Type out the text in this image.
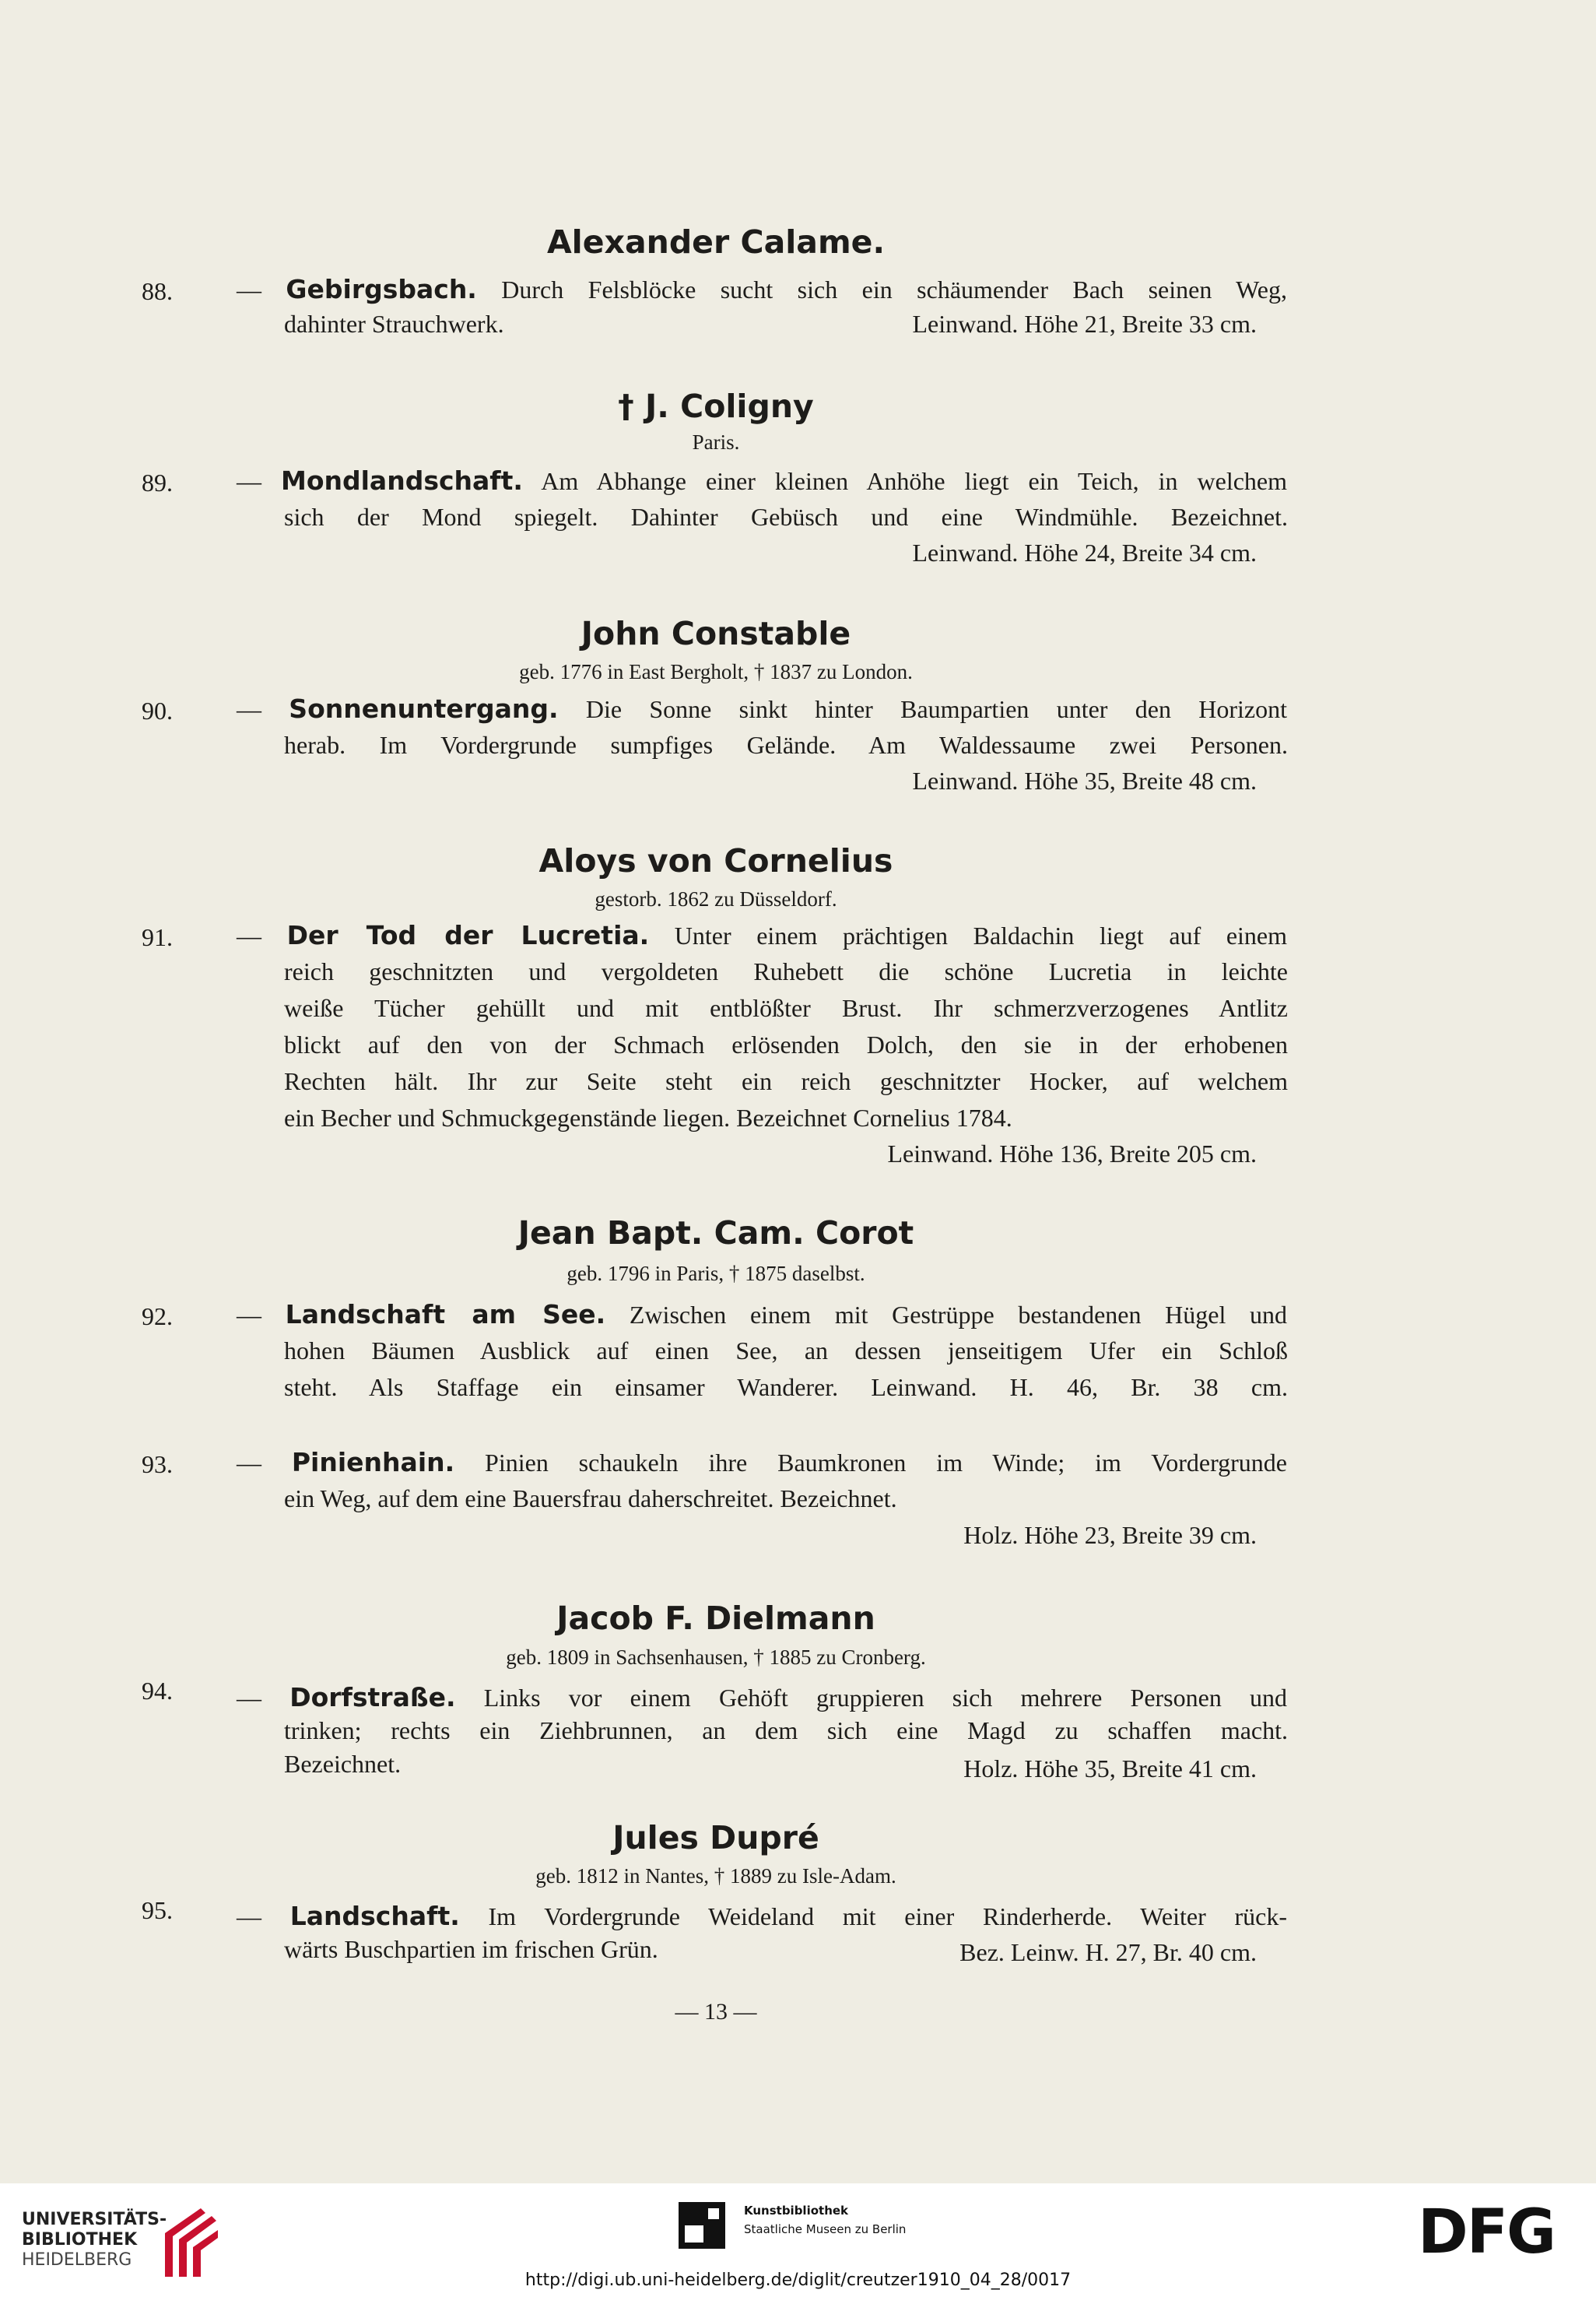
Alexander Calame.
88.	— Gebirgsbach. Durch Felsblöcke sucht sich ein schäumender Bach seinen Weg,
dahinter Strauchwerk.	Leinwand. Höhe 21, Breite 33 cm.
† J. Coligny
Paris.
89.	— Mondlandschaft. Am Abhange einer kleinen Anhöhe liegt ein Teich, in welchem
sich der Mond spiegelt. Dahinter Gebüsch und eine Windmühle. Bezeichnet.
Leinwand. Höhe 24, Breite 34 cm.
John Constable
geb. 1776 in East Bergholt, † 1837 zu London.
90.	— Sonnenuntergang. Die Sonne sinkt hinter Baumpartien unter den Horizont
herab. Im Vordergrunde sumpfiges Gelände. Am Waldessaume zwei Personen.
Leinwand. Höhe 35, Breite 48 cm.
Aloys von Cornelius
gestorb. 1862 zu Düsseldorf.
91.	— Der Tod der Lucretia. Unter einem prächtigen Baldachin liegt auf einem
reich geschnitzten und vergoldeten Ruhebett die schöne Lucretia in leichte
weiße Tücher gehüllt und mit entblößter Brust. Ihr schmerzverzogenes Antlitz
blickt auf den von der Schmach erlösenden Dolch, den sie in der erhobenen
Rechten hält. Ihr zur Seite steht ein reich geschnitzter Hocker, auf welchem
ein Becher und Schmuckgegenstände liegen. Bezeichnet Cornelius 1784.
Leinwand. Höhe 136, Breite 205 cm.
Jean Bapt. Cam. Corot
geb. 1796 in Paris, † 1875 daselbst.
92.	— Landschaft am See. Zwischen einem mit Gestrüppe bestandenen Hügel und
hohen Bäumen Ausblick auf einen See, an dessen jenseitigem Ufer ein Schloß
steht. Als Staffage ein einsamer Wanderer. Leinwand. H. 46, Br. 38 cm.
93.	— Pinienhain. Pinien schaukeln ihre Baumkronen im Winde; im Vordergrunde
ein Weg, auf dem eine Bauersfrau daherschreitet. Bezeichnet.
Holz. Höhe 23, Breite 39 cm.
Jacob F. Dielmann
geb. 1809 in Sachsenhausen, † 1885 zu Cronberg.
94.	— Dorfstraße. Links vor einem Gehöft gruppieren sich mehrere Personen und
trinken; rechts ein Ziehbrunnen, an dem sich eine Magd zu schaffen macht.
Bezeichnet.	Holz. Höhe 35, Breite 41 cm.
Jules Dupré
geb. 1812 in Nantes, † 1889 zu Isle-Adam.
95.	— Landschaft. Im Vordergrunde Weideland mit einer Rinderherde. Weiter rück-
wärts Buschpartien im frischen Grün.	Bez. Leinw. H. 27, Br. 40 cm.
— 13 —
UNIVERSITÄTS-
BIBLIOTHEK
HEIDELBERG
Kunstbibliothek
Staatliche Museen zu Berlin	DFG
http://digi.ub.uni-heidelberg.de/diglit/creutzer1910_04_28/0017
